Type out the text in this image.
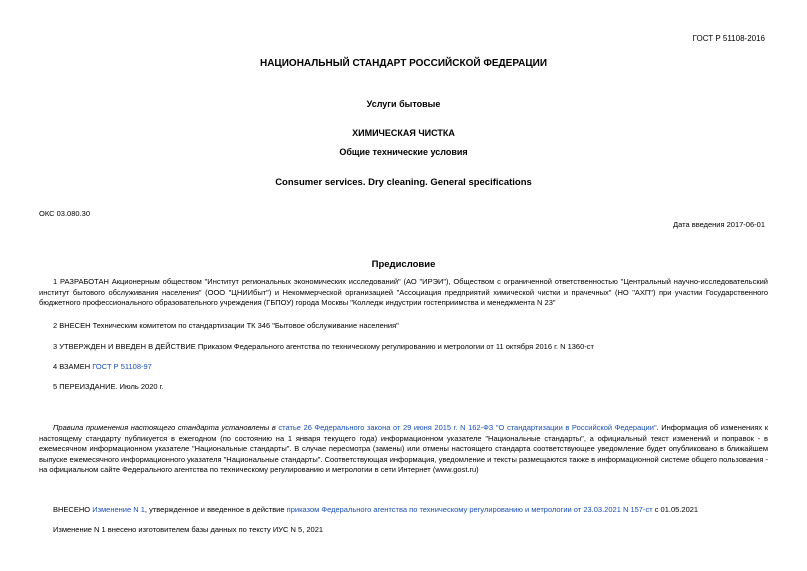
ГОСТ Р 51108-2016
НАЦИОНАЛЬНЫЙ СТАНДАРТ РОССИЙСКОЙ ФЕДЕРАЦИИ
Услуги бытовые
ХИМИЧЕСКАЯ ЧИСТКА
Общие технические условия
Consumer services. Dry cleaning. General specifications
ОКС 03.080.30
Дата введения 2017-06-01
Предисловие
1 РАЗРАБОТАН Акционерным обществом "Институт региональных экономических исследований" (АО "ИРЭИ"), Обществом с ограниченной ответственностью "Центральный научно-исследовательский институт бытового обслуживания населения" (ООО "ЦНИИбыт") и Некоммерческой организацией "Ассоциация предприятий химической чистки и прачечных" (НО "АХП") при участии Государственного бюджетного профессионального образовательного учреждения (ГБПОУ) города Москвы "Колледж индустрии гостеприимства и менеджмента N 23"
2 ВНЕСЕН Техническим комитетом по стандартизации ТК 346 "Бытовое обслуживание населения"
3 УТВЕРЖДЕН И ВВЕДЕН В ДЕЙСТВИЕ Приказом Федерального агентства по техническому регулированию и метрологии от 11 октября 2016 г. N 1360-ст
4 ВЗАМЕН ГОСТ Р 51108-97
5 ПЕРЕИЗДАНИЕ. Июль 2020 г.
Правила применения настоящего стандарта установлены в статье 26 Федерального закона от 29 июня 2015 г. N 162-ФЗ "О стандартизации в Российской Федерации". Информация об изменениях к настоящему стандарту публикуется в ежегодном (по состоянию на 1 января текущего года) информационном указателе "Национальные стандарты", а официальный текст изменений и поправок - в ежемесячном информационном указателе "Национальные стандарты". В случае пересмотра (замены) или отмены настоящего стандарта соответствующее уведомление будет опубликовано в ближайшем выпуске ежемесячного информационного указателя "Национальные стандарты". Соответствующая информация, уведомление и тексты размещаются также в информационной системе общего пользования - на официальном сайте Федерального агентства по техническому регулированию и метрологии в сети Интернет (www.gost.ru)
ВНЕСЕНО Изменение N 1, утвержденное и введенное в действие приказом Федерального агентства по техническому регулированию и метрологии от 23.03.2021 N 157-ст с 01.05.2021
Изменение N 1 внесено изготовителем базы данных по тексту ИУС N 5, 2021
